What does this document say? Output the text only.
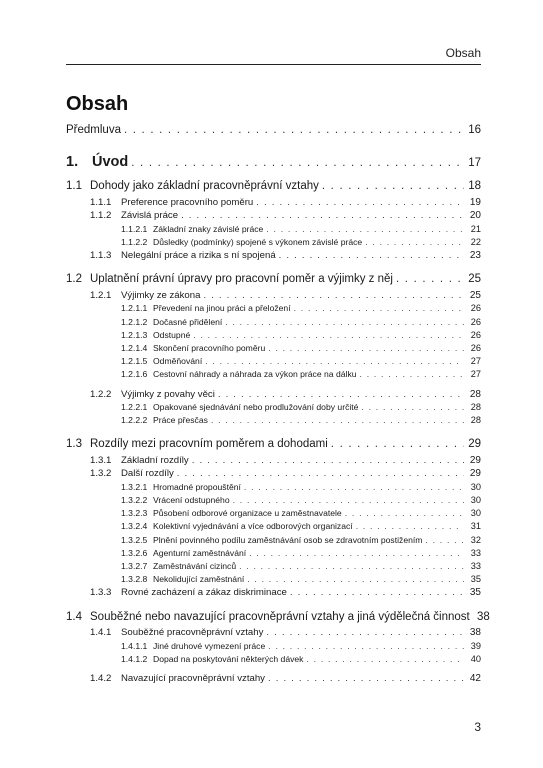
Obsah
Obsah
Předmluva . . .	16
1. Úvod . . .	17
1.1 Dohody jako základní pracovněprávní vztahy . . .	18
1.1.1	Preference pracovního poměru . . .	19
1.1.2	Závislá práce . . .	20
1.1.2.1 Základní znaky závislé práce . . .	21
1.1.2.2 Důsledky (podmínky) spojené s výkonem závislé práce . . .	22
1.1.3	Nelegální práce a rizika s ní spojená . . .	23
1.2 Uplatnění právní úpravy pro pracovní poměr a výjimky z něj . . .	25
1.2.1	Výjimky ze zákona . . .	25
1.2.1.1 Převedení na jinou práci a přeložení . . .	26
1.2.1.2 Dočasné přidělení . . .	26
1.2.1.3 Odstupné . . .	26
1.2.1.4 Skončení pracovního poměru . . .	26
1.2.1.5 Odměňování . . .	27
1.2.1.6 Cestovní náhrady a náhrada za výkon práce na dálku . . .	27
1.2.2	Výjimky z povahy věci . . .	28
1.2.2.1 Opakované sjednávání nebo prodlužování doby určité . . .	28
1.2.2.2 Práce přesčas . . .	28
1.3 Rozdíly mezi pracovním poměrem a dohodami . . .	29
1.3.1	Základní rozdíly . . .	29
1.3.2	Další rozdíly . . .	29
1.3.2.1 Hromadné propouštění . . .	30
1.3.2.2 Vrácení odstupného . . .	30
1.3.2.3 Působení odborové organizace u zaměstnavatele . . .	30
1.3.2.4 Kolektivní vyjednávání a více odborových organizací . . .	31
1.3.2.5 Plnění povinného podílu zaměstnávání osob se zdravotním postižením . . .	32
1.3.2.6 Agenturní zaměstnávání . . .	33
1.3.2.7 Zaměstnávání cizinců . . .	33
1.3.2.8 Nekolidující zaměstnání . . .	35
1.3.3	Rovné zacházení a zákaz diskriminace . . .	35
1.4 Souběžné nebo navazující pracovněprávní vztahy a jiná výdělečná činnost 38
1.4.1	Souběžné pracovněprávní vztahy . . .	38
1.4.1.1 Jiné druhové vymezení práce . . .	39
1.4.1.2 Dopad na poskytování některých dávek . . .	40
1.4.2	Navazující pracovněprávní vztahy . . .	42
3
